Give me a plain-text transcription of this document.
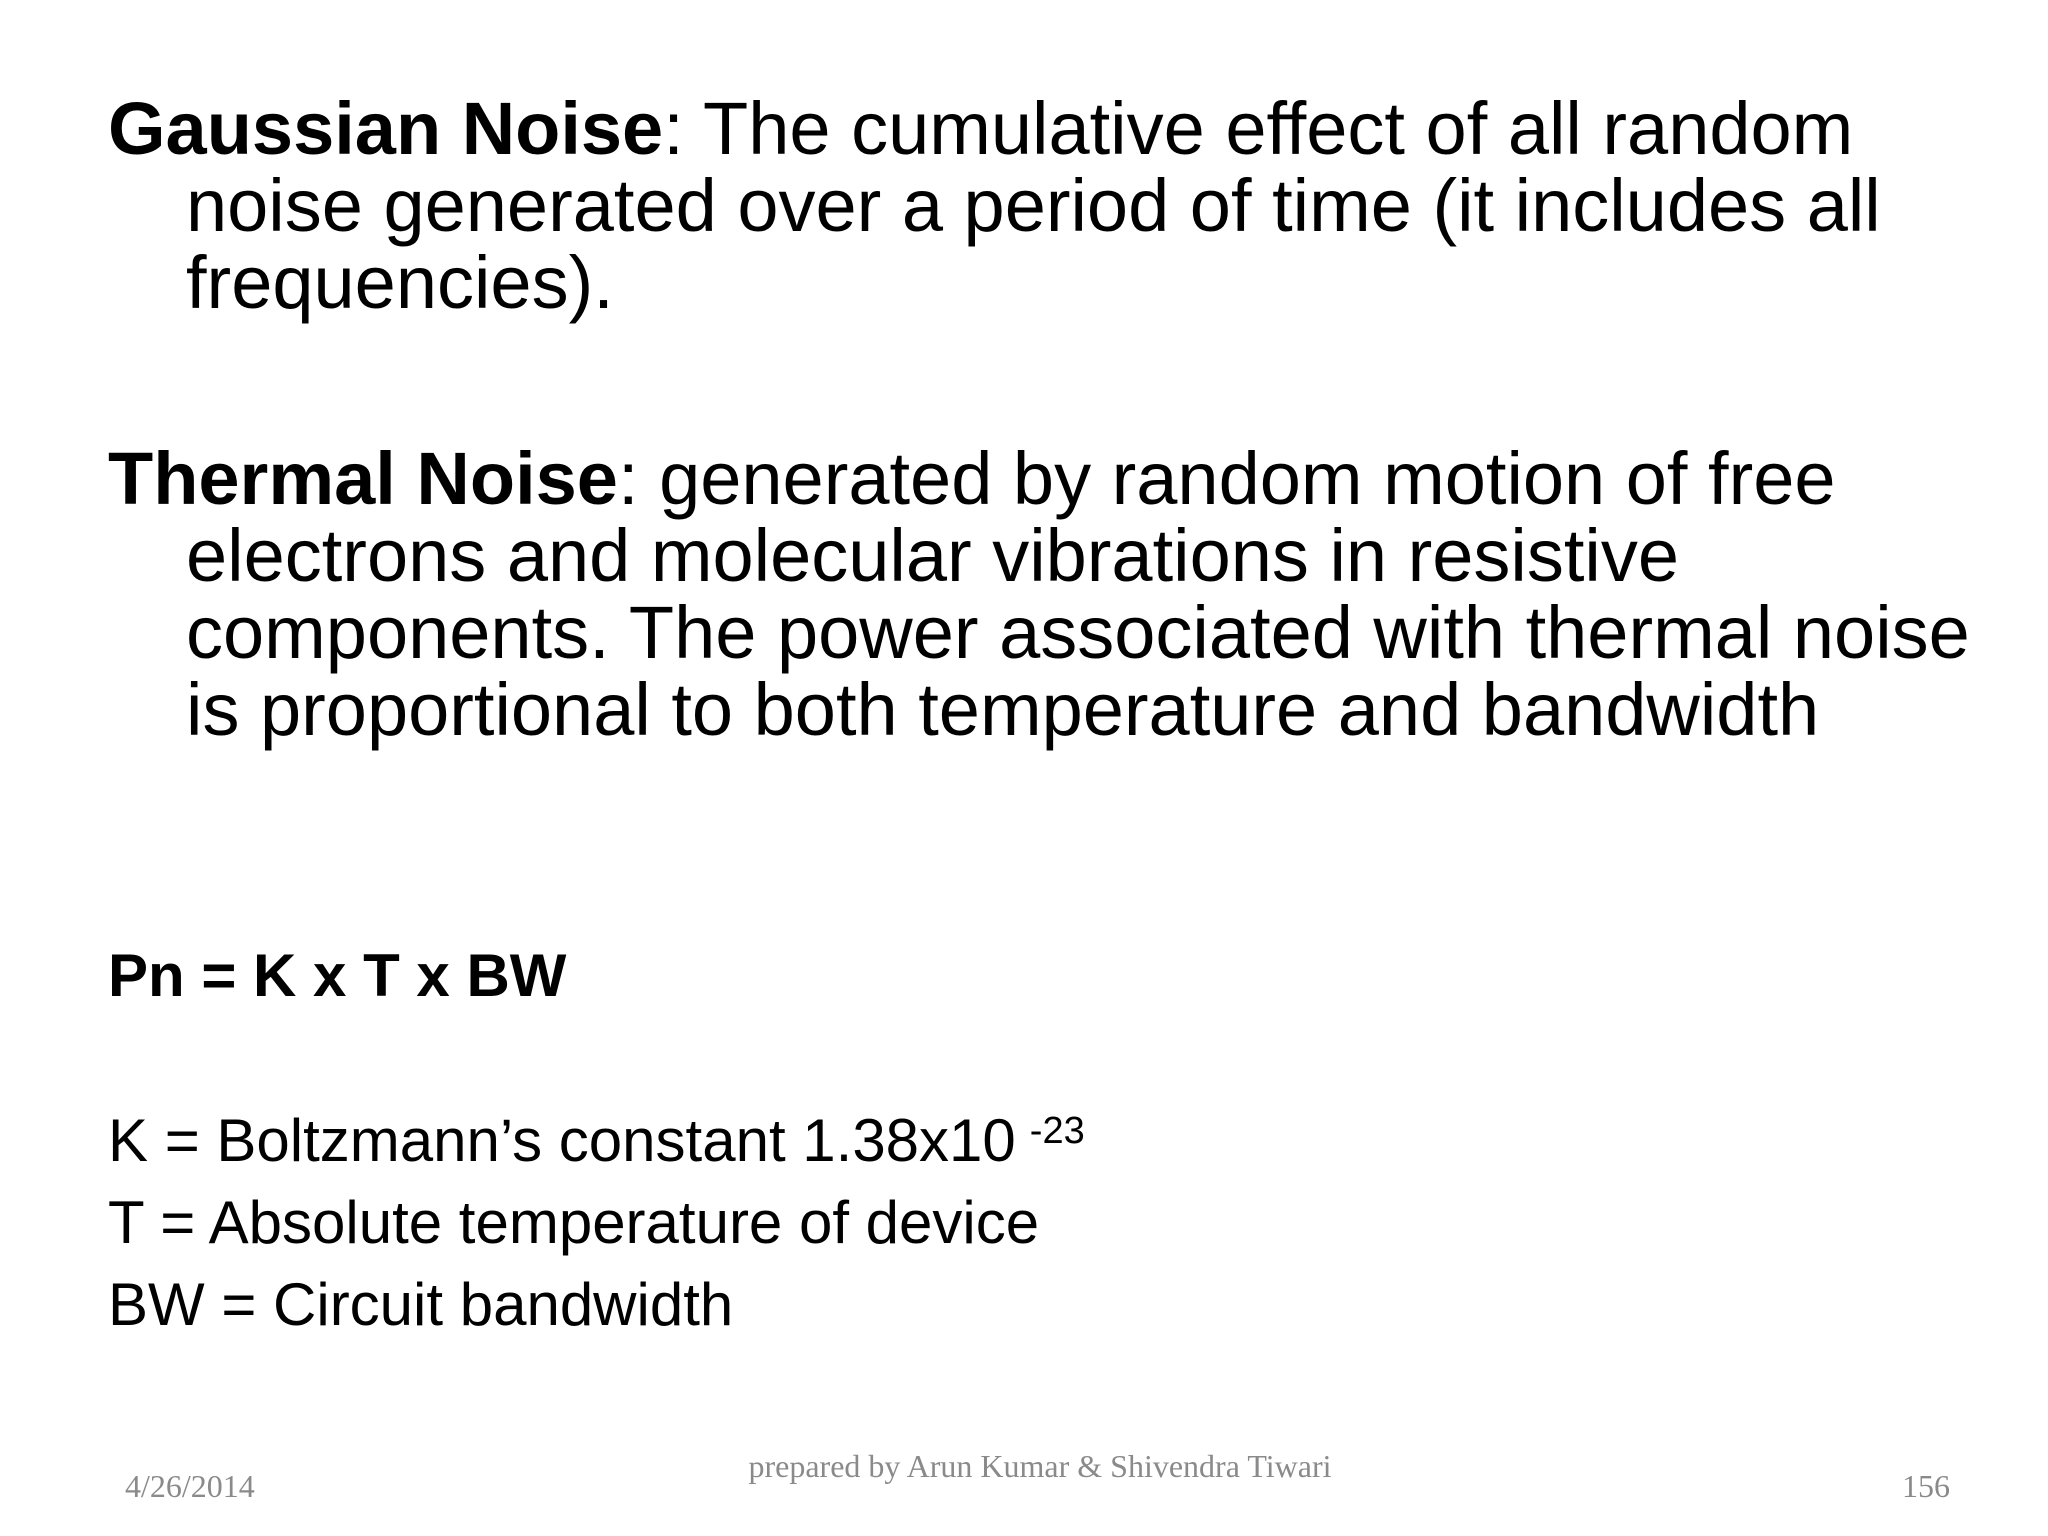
Gaussian Noise: The cumulative effect of all random noise generated over a period of time (it includes all frequencies).

Thermal Noise: generated by random motion of free electrons and molecular vibrations in resistive components. The power associated with thermal noise is proportional to both temperature and bandwidth

Pn = K x T x BW

K = Boltzmann’s constant 1.38x10 $^{-23}$
T = Absolute temperature of device
BW = Circuit bandwidth
4/26/2014
prepared by Arun Kumar & Shivendra Tiwari
156
